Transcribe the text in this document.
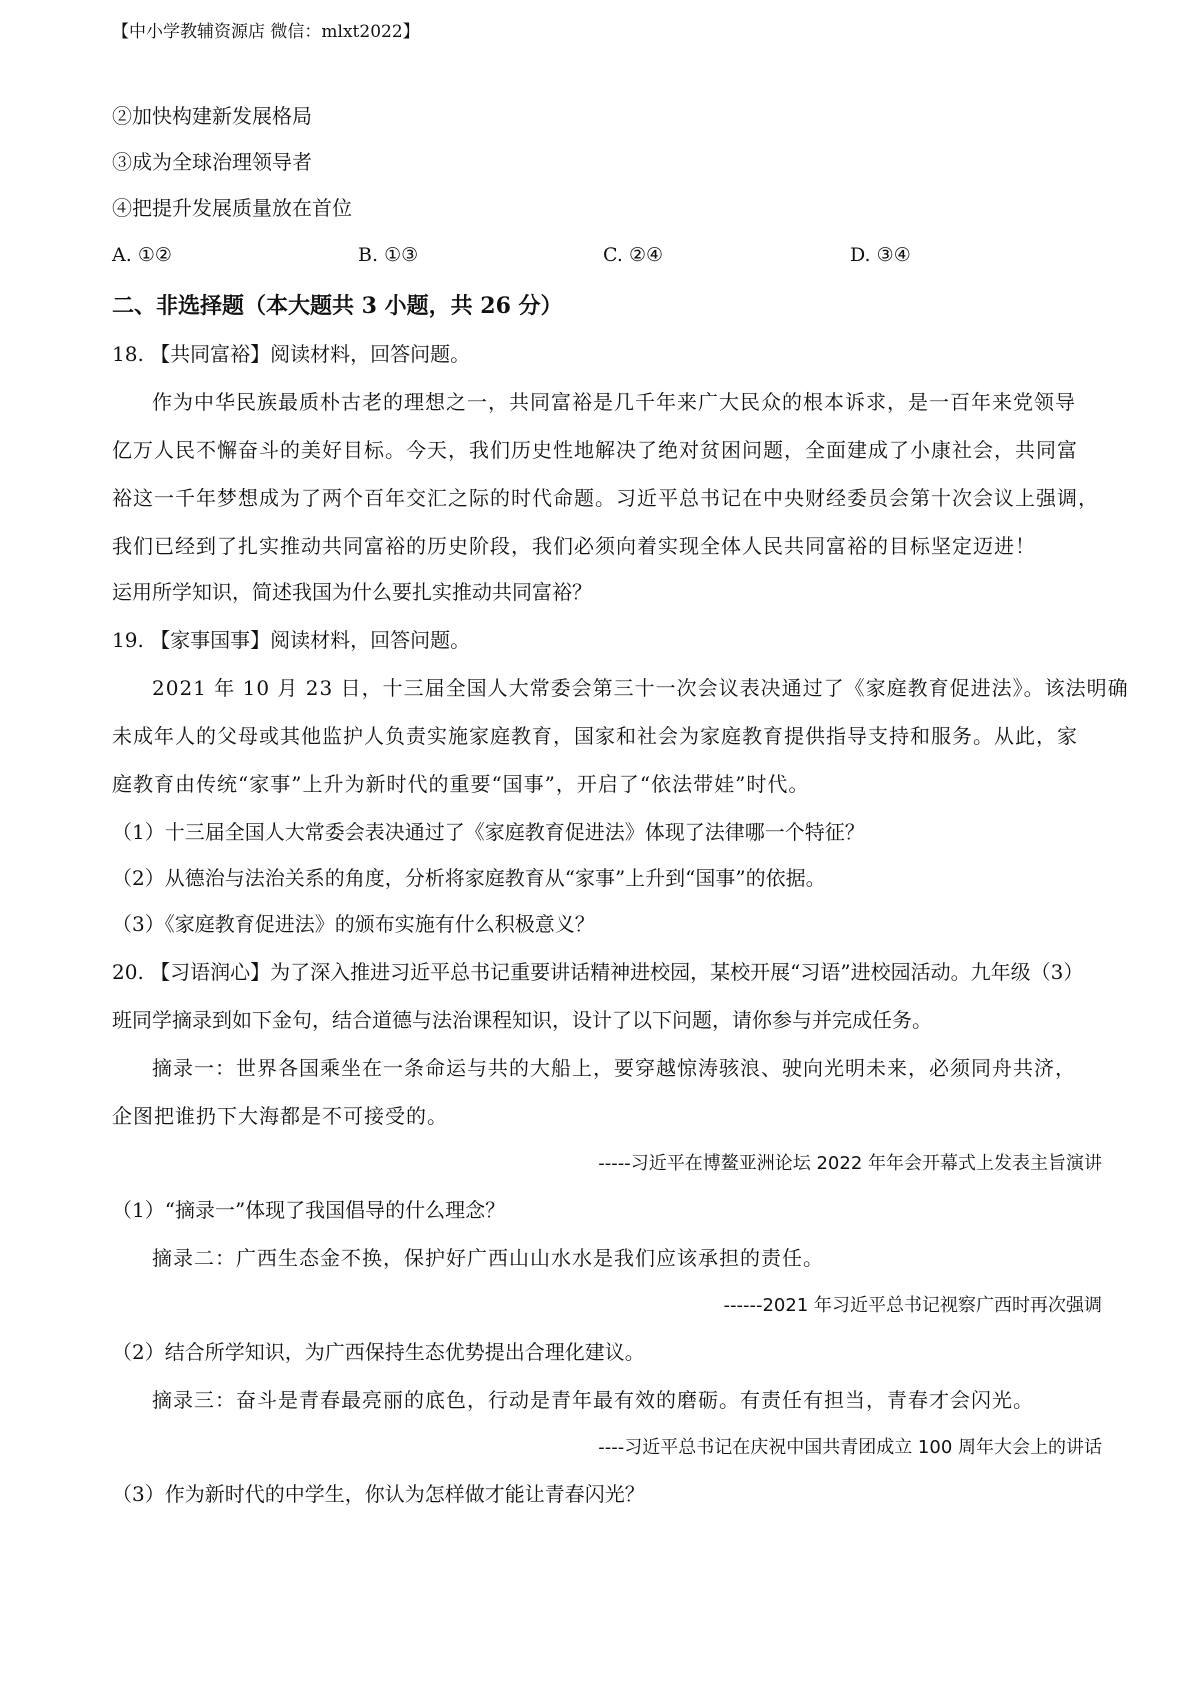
【中小学教辅资源店 微信：mlxt2022】
②加快构建新发展格局
③成为全球治理领导者
④把提升发展质量放在首位
A. ①②	B. ①③	C. ②④	D. ③④
二、非选择题（本大题共 3 小题，共 26 分）
18. 【共同富裕】阅读材料，回答问题。
作为中华民族最质朴古老的理想之一，共同富裕是几千年来广大民众的根本诉求，是一百年来党领导
亿万人民不懈奋斗的美好目标。今天，我们历史性地解决了绝对贫困问题，全面建成了小康社会，共同富
裕这一千年梦想成为了两个百年交汇之际的时代命题。习近平总书记在中央财经委员会第十次会议上强调，
我们已经到了扎实推动共同富裕的历史阶段，我们必须向着实现全体人民共同富裕的目标坚定迈进！
运用所学知识，简述我国为什么要扎实推动共同富裕？
19. 【家事国事】阅读材料，回答问题。
2021 年 10 月 23 日，十三届全国人大常委会第三十一次会议表决通过了《家庭教育促进法》。该法明确
未成年人的父母或其他监护人负责实施家庭教育，国家和社会为家庭教育提供指导支持和服务。从此，家
庭教育由传统“家事”上升为新时代的重要“国事”，开启了“依法带娃”时代。
（1）十三届全国人大常委会表决通过了《家庭教育促进法》体现了法律哪一个特征？
（2）从德治与法治关系的角度，分析将家庭教育从“家事”上升到“国事”的依据。
（3）《家庭教育促进法》的颁布实施有什么积极意义？
20. 【习语润心】为了深入推进习近平总书记重要讲话精神进校园，某校开展“习语”进校园活动。九年级（3）
班同学摘录到如下金句，结合道德与法治课程知识，设计了以下问题，请你参与并完成任务。
摘录一：世界各国乘坐在一条命运与共的大船上，要穿越惊涛骇浪、驶向光明未来，必须同舟共济，
企图把谁扔下大海都是不可接受的。
-----习近平在博鳌亚洲论坛 2022 年年会开幕式上发表主旨演讲
（1）“摘录一”体现了我国倡导的什么理念？
摘录二：广西生态金不换，保护好广西山山水水是我们应该承担的责任。
------2021 年习近平总书记视察广西时再次强调
（2）结合所学知识，为广西保持生态优势提出合理化建议。
摘录三：奋斗是青春最亮丽的底色，行动是青年最有效的磨砺。有责任有担当，青春才会闪光。
----习近平总书记在庆祝中国共青团成立 100 周年大会上的讲话
（3）作为新时代的中学生，你认为怎样做才能让青春闪光？
